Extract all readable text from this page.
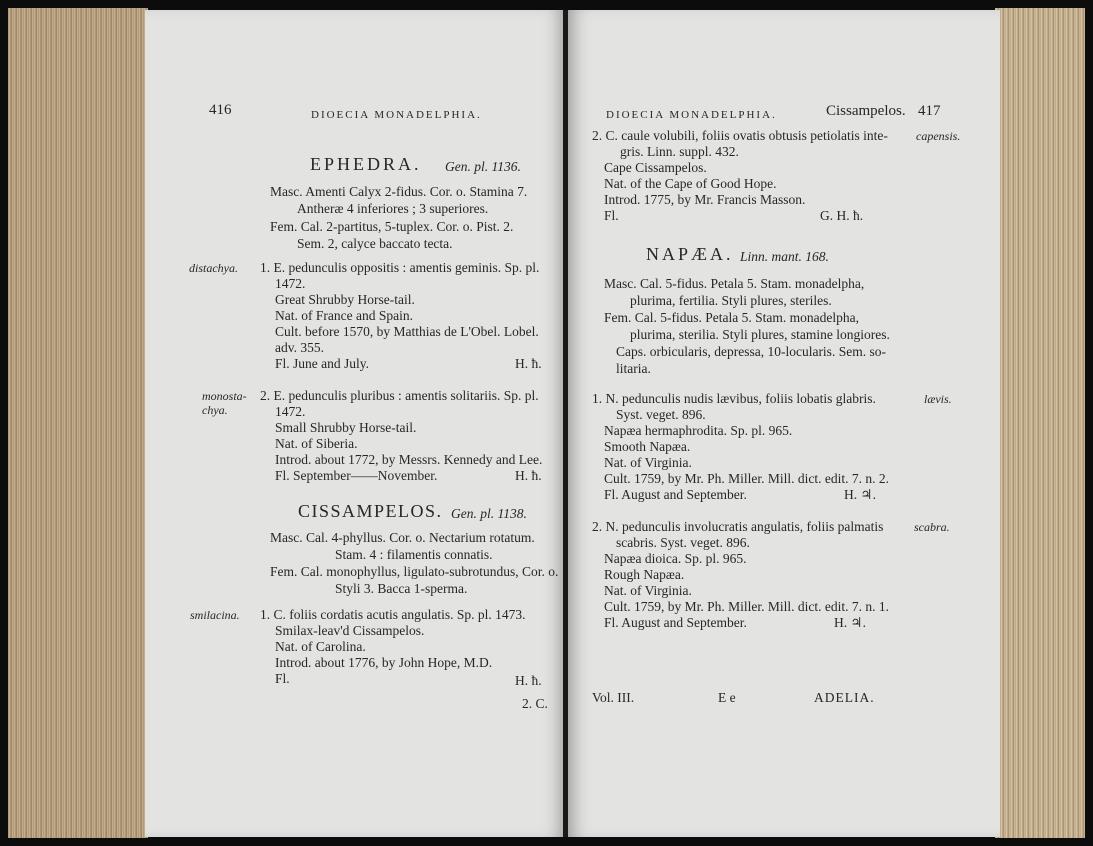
416	DIOECIA MONADELPHIA.
EPHEDRA. Gen. pl. 1136.
Masc. Amenti Calyx 2-fidus. Cor. o. Stamina 7.
Antheræ 4 inferiores ; 3 superiores.
Fem. Cal. 2-partitus, 5-tuplex. Cor. o. Pist. 2.
Sem. 2, calyce baccato tecta.
distachya. 1. E. pedunculis oppositis : amentis geminis. Sp. pl.
1472.
Great Shrubby Horse-tail.
Nat. of France and Spain.
Cult. before 1570, by Matthias de L'Obel. Lobel.
adv. 355.
Fl. June and July.	H. ħ.
monosta-
chya.
2. E. pedunculis pluribus : amentis solitariis. Sp. pl.
1472.
Small Shrubby Horse-tail.
Nat. of Siberia.
Introd. about 1772, by Messrs. Kennedy and Lee.
Fl. September——November.	H. ħ.
CISSAMPELOS. Gen. pl. 1138.
Masc. Cal. 4-phyllus. Cor. o. Nectarium rotatum.
Stam. 4 : filamentis connatis.
Fem. Cal. monophyllus, ligulato-subrotundus, Cor. o.
Styli 3. Bacca 1-sperma.
smilacina. 1. C. foliis cordatis acutis angulatis. Sp. pl. 1473.
Smilax-leav'd Cissampelos.
Nat. of Carolina.
Introd. about 1776, by John Hope, M.D.
Fl.	H. ħ.
2. C.
DIOECIA MONADELPHIA.	Cissampelos. 417
2. C. caule volubili, foliis ovatis obtusis petiolatis inte- capensis.
gris. Linn. suppl. 432.
Cape Cissampelos.
Nat. of the Cape of Good Hope.
Introd. 1775, by Mr. Francis Masson.
Fl.	G. H. ħ.
NAPÆA. Linn. mant. 168.
Masc. Cal. 5-fidus. Petala 5. Stam. monadelpha,
plurima, fertilia. Styli plures, steriles.
Fem. Cal. 5-fidus. Petala 5. Stam. monadelpha,
plurima, sterilia. Styli plures, stamine longiores.
Caps. orbicularis, depressa, 10-locularis. Sem. so-
litaria.
1. N. pedunculis nudis lævibus, foliis lobatis glabris.	lævis.
Syst. veget. 896.
Napæa hermaphrodita. Sp. pl. 965.
Smooth Napæa.
Nat. of Virginia.
Cult. 1759, by Mr. Ph. Miller. Mill. dict. edit. 7. n. 2.
Fl. August and September.	H. ♃.
2. N. pedunculis involucratis angulatis, foliis palmatis	scabra.
scabris. Syst. veget. 896.
Napæa dioica. Sp. pl. 965.
Rough Napæa.
Nat. of Virginia.
Cult. 1759, by Mr. Ph. Miller. Mill. dict. edit. 7. n. 1.
Fl. August and September.	H. ♃.
Vol. III.	E e	ADELIA.
